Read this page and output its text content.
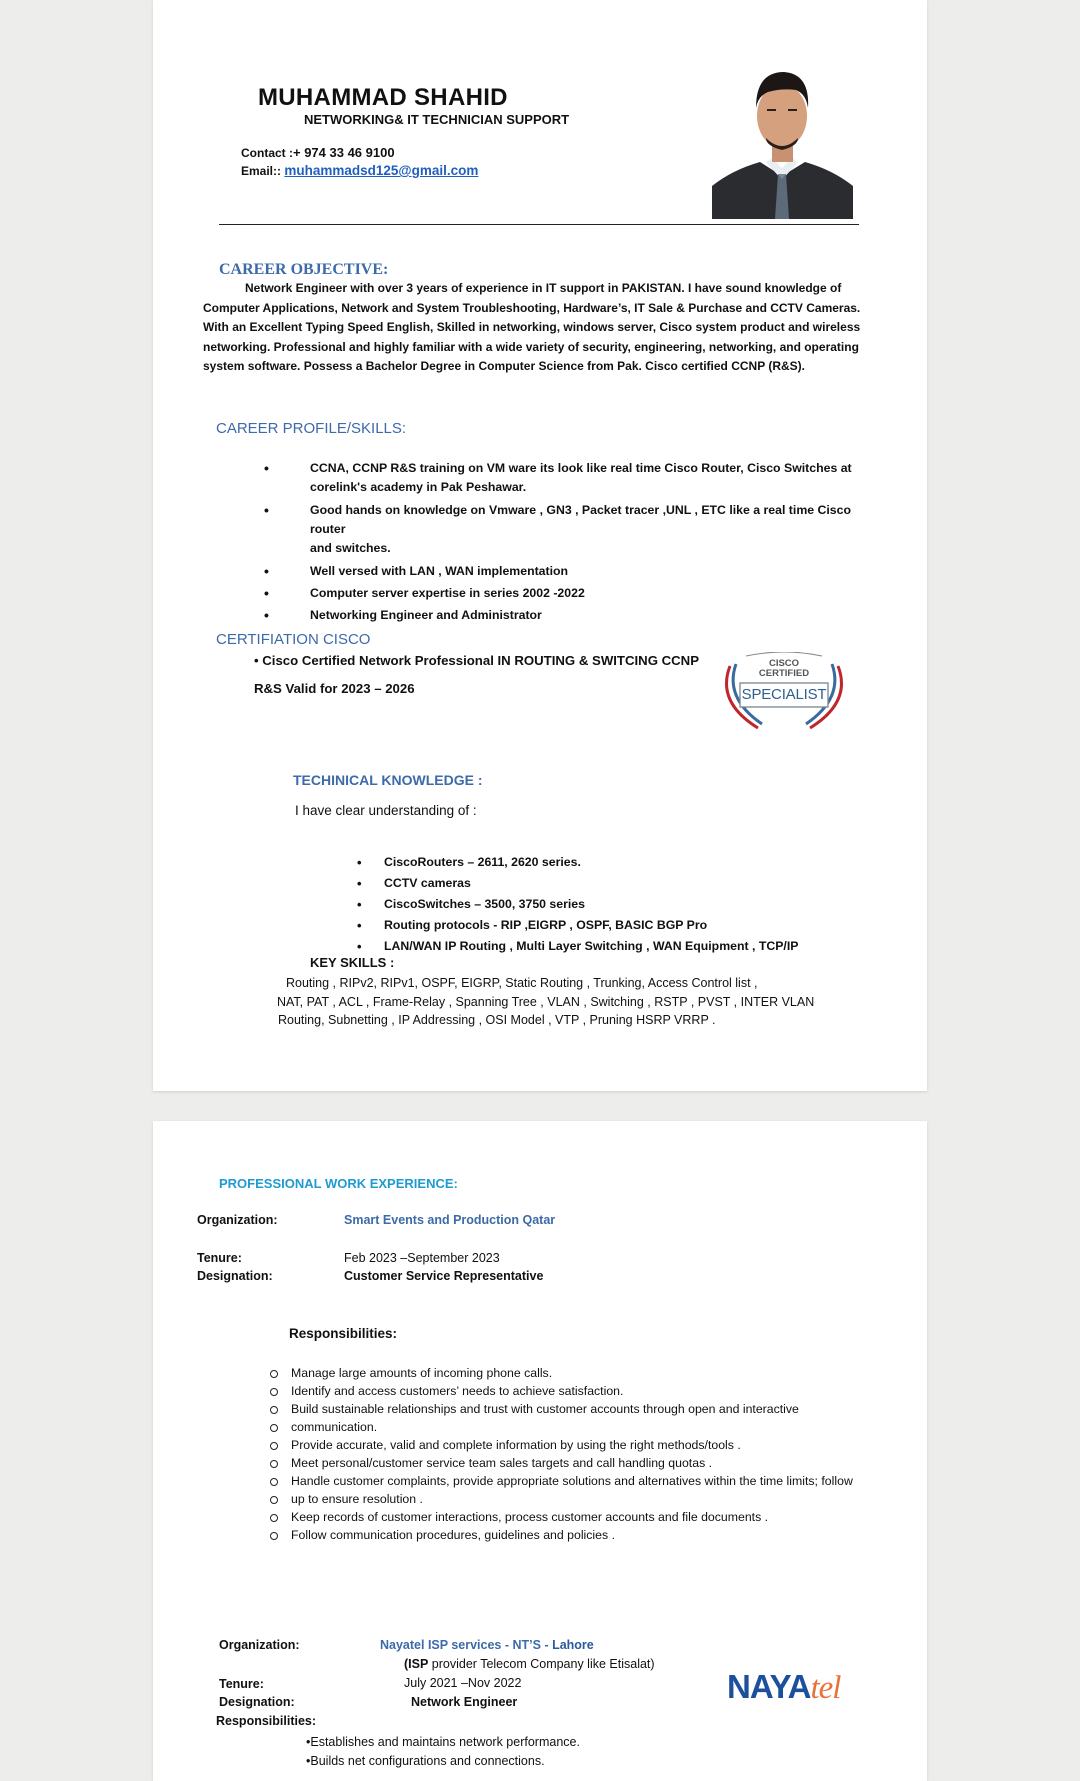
MUHAMMAD SHAHID
NETWORKING& IT TECHNICIAN SUPPORT
Contact :+ 974 33 46 9100
Email:: muhammadsd125@gmail.com
CAREER OBJECTIVE:
Network Engineer with over 3 years of experience in IT support in PAKISTAN. I have sound knowledge of
Computer Applications, Network and System Troubleshooting, Hardware’s, IT Sale & Purchase and CCTV Cameras.
With an Excellent Typing Speed English, Skilled in networking, windows server, Cisco system product and wireless
networking. Professional and highly familiar with a wide variety of security, engineering, networking, and operating
system software. Possess a Bachelor Degree in Computer Science from Pak. Cisco certified CCNP (R&S).
CAREER PROFILE/SKILLS:
•	CCNA, CCNP R&S training on VM ware its look like real time Cisco Router, Cisco Switches at
corelink's academy in Pak Peshawar.
•	Good hands on knowledge on Vmware , GN3 , Packet tracer ,UNL , ETC like a real time Cisco router
and switches.
•	Well versed with LAN , WAN implementation
•	Computer server expertise in series 2002 -2022
•	Networking Engineer and Administrator
CERTIFIATION CISCO
• Cisco Certified Network Professional IN ROUTING & SWITCING CCNP
R&S Valid for 2023 – 2026
CISCO
CERTIFIED
SPECIALIST
TECHINICAL KNOWLEDGE :
I have clear understanding of :
• CiscoRouters – 2611, 2620 series.
• CCTV cameras
• CiscoSwitches – 3500, 3750 series
• Routing protocols - RIP ,EIGRP , OSPF, BASIC BGP Pro
• LAN/WAN IP Routing , Multi Layer Switching , WAN Equipment , TCP/IP
KEY SKILLS :
Routing , RIPv2, RIPv1, OSPF, EIGRP, Static Routing , Trunking, Access Control list ,
NAT, PAT , ACL , Frame-Relay , Spanning Tree , VLAN , Switching , RSTP , PVST , INTER VLAN
Routing, Subnetting , IP Addressing , OSI Model , VTP , Pruning HSRP VRRP .
PROFESSIONAL WORK EXPERIENCE:
Organization:	Smart Events and Production Qatar
Tenure:	Feb 2023 –September 2023
Designation:	Customer Service Representative
Responsibilities:
Manage large amounts of incoming phone calls.
Identify and access customers’ needs to achieve satisfaction.
Build sustainable relationships and trust with customer accounts through open and interactive
communication.
Provide accurate, valid and complete information by using the right methods/tools .
Meet personal/customer service team sales targets and call handling quotas .
Handle customer complaints, provide appropriate solutions and alternatives within the time limits; follow
up to ensure resolution .
Keep records of customer interactions, process customer accounts and file documents .
Follow communication procedures, guidelines and policies .
Organization:	Nayatel ISP services - NT’S - Lahore
(ISP provider Telecom Company like Etisalat)
Tenure:	July 2021 –Nov 2022
Designation:	Network Engineer
Responsibilities:
•Establishes and maintains network performance.
•Builds net configurations and connections.
NAYAtel
